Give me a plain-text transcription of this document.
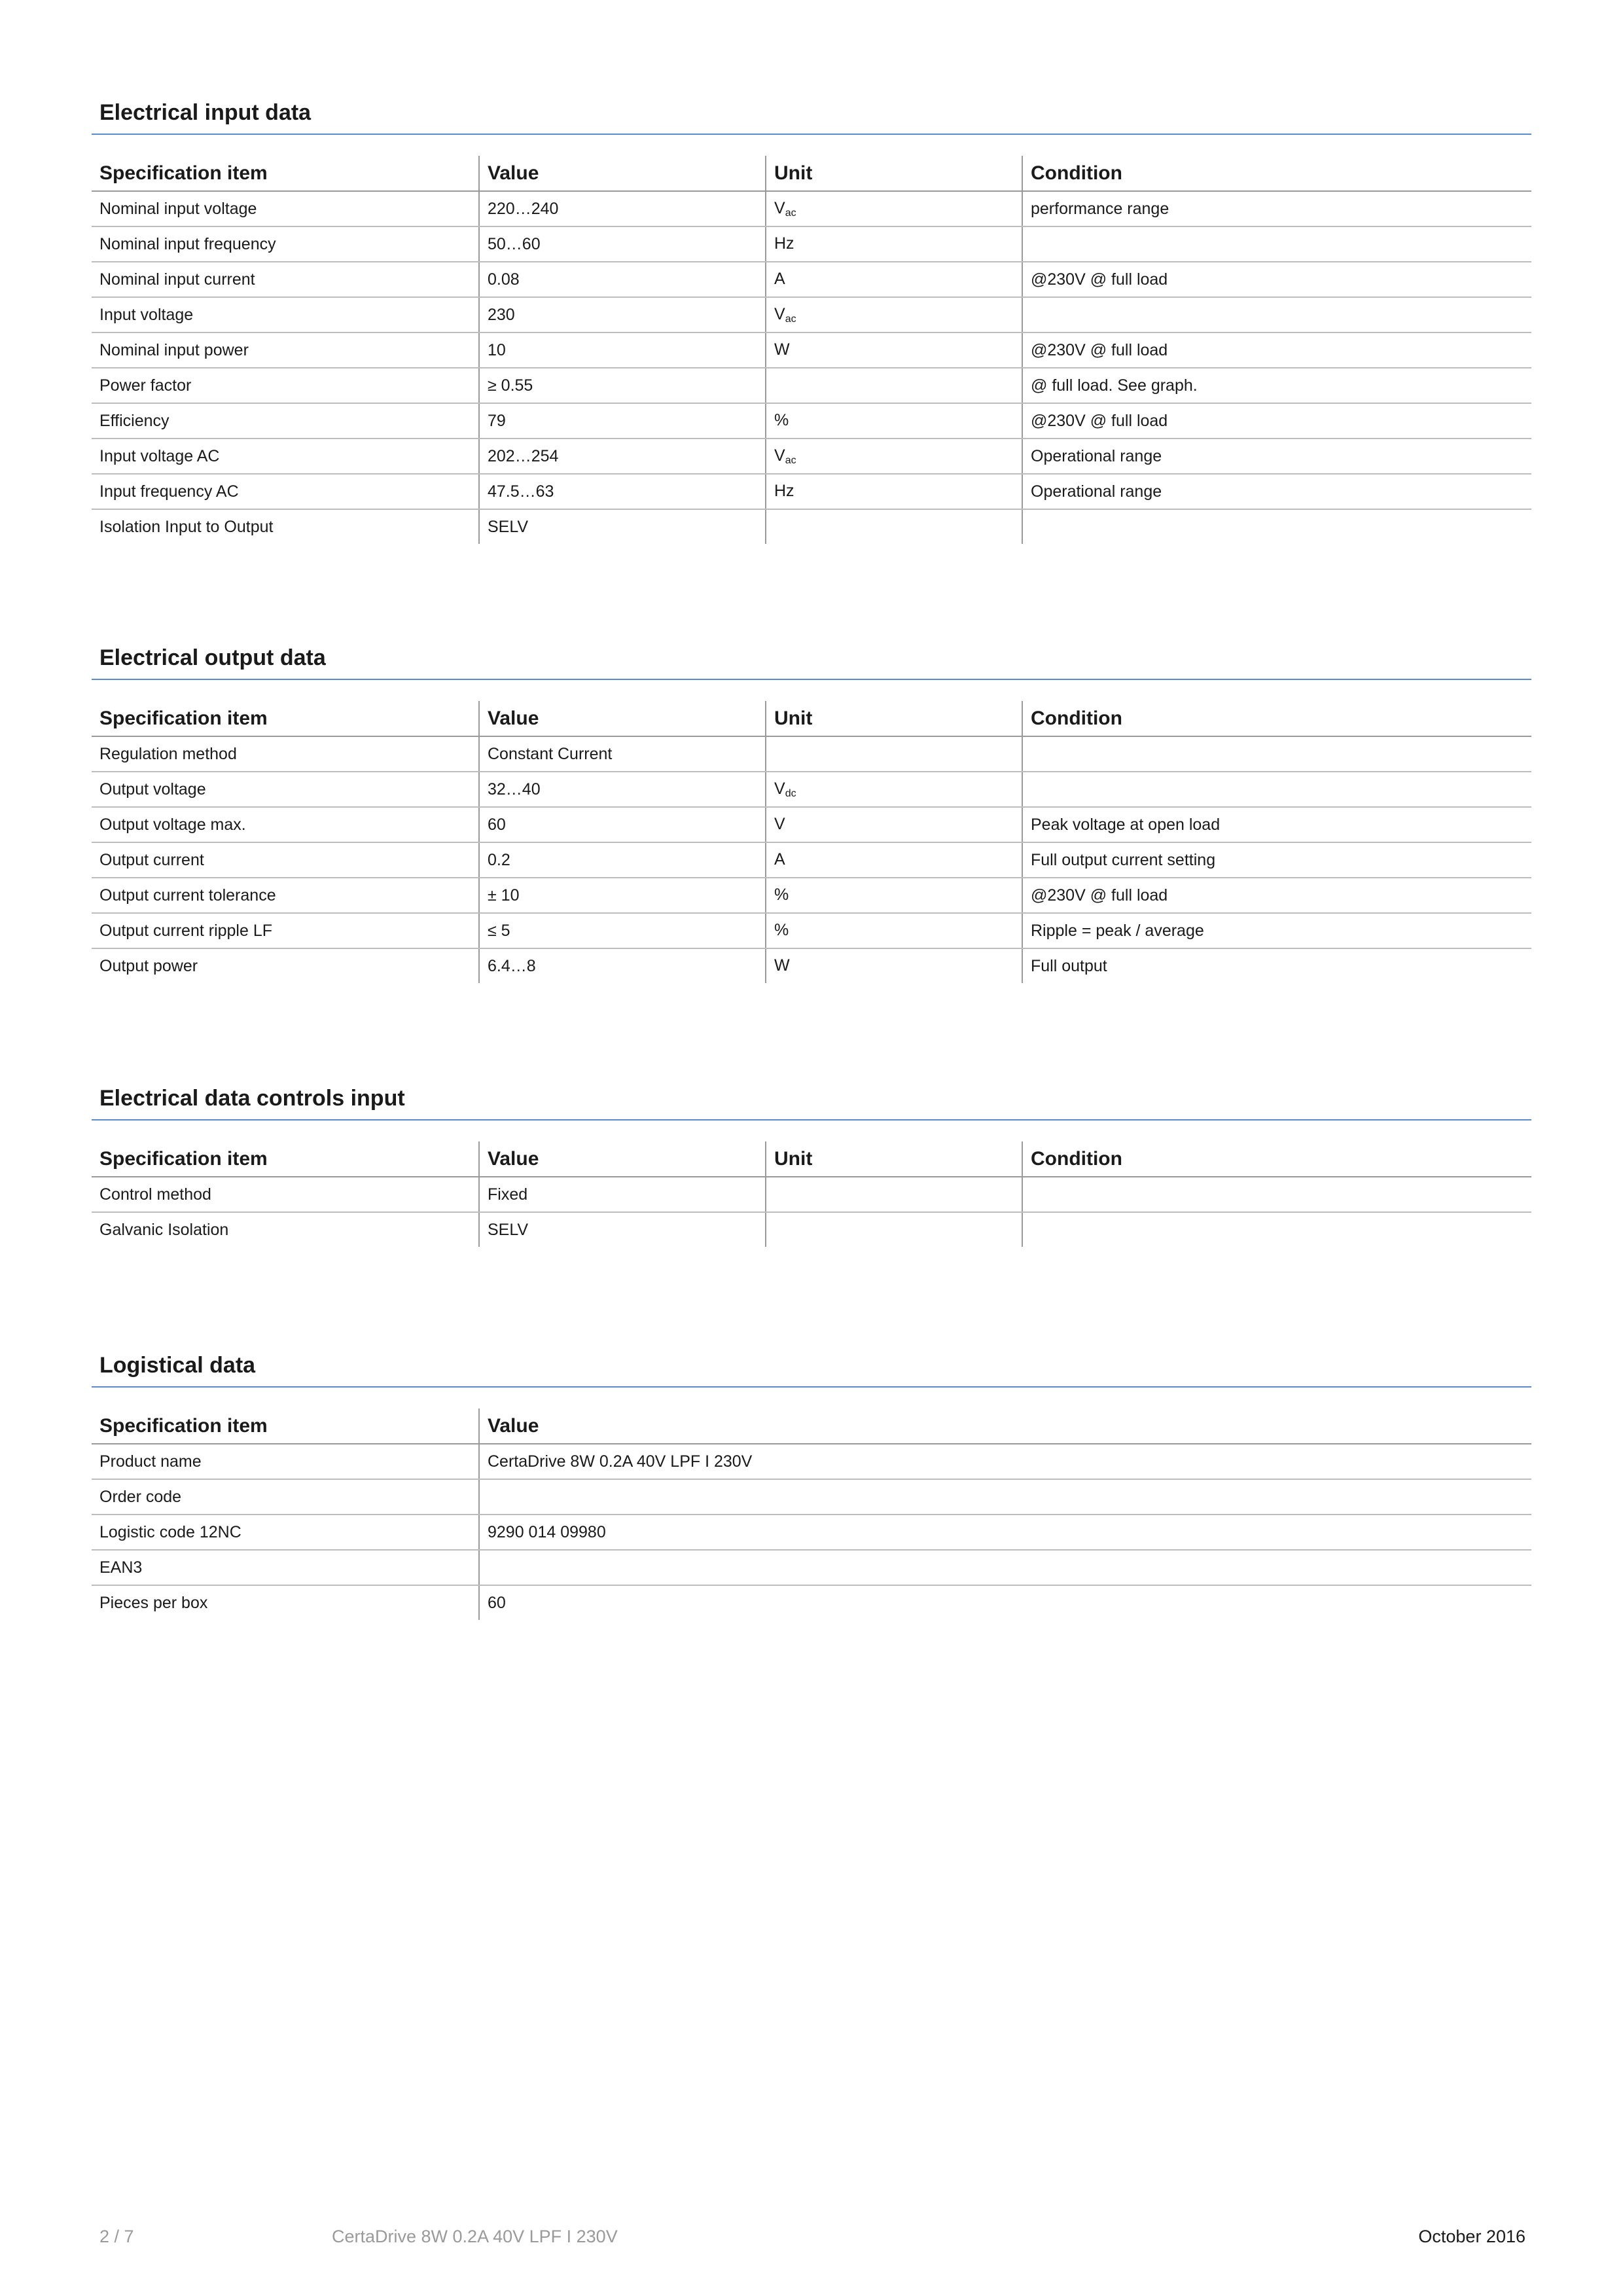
Electrical input data
Specification item	Value	Unit	Condition
Nominal input voltage	220…240	$V_{ac}$	performance range
Nominal input frequency	50…60	Hz	
Nominal input current	0.08	A	@230V @ full load
Input voltage	230	$V_{ac}$	
Nominal input power	10	W	@230V @ full load
Power factor	≥ 0.55		@ full load. See graph.
Efficiency	79	%	@230V @ full load
Input voltage AC	202…254	$V_{ac}$	Operational range
Input frequency AC	47.5…63	Hz	Operational range
Isolation Input to Output	SELV		
Electrical output data
Specification item	Value	Unit	Condition
Regulation method	Constant Current		
Output voltage	32…40	$V_{dc}$	
Output voltage max.	60	V	Peak voltage at open load
Output current	0.2	A	Full output current setting
Output current tolerance	± 10	%	@230V @ full load
Output current ripple LF	≤ 5	%	Ripple = peak / average
Output power	6.4…8	W	Full output
Electrical data controls input
Specification item	Value	Unit	Condition
Control method	Fixed		
Galvanic Isolation	SELV		
Logistical data
Specification item	Value
Product name	CertaDrive 8W 0.2A 40V LPF I 230V
Order code	
Logistic code 12NC	9290 014 09980
EAN3	
Pieces per box	60
2 / 7	CertaDrive 8W 0.2A 40V LPF I 230V	October 2016
